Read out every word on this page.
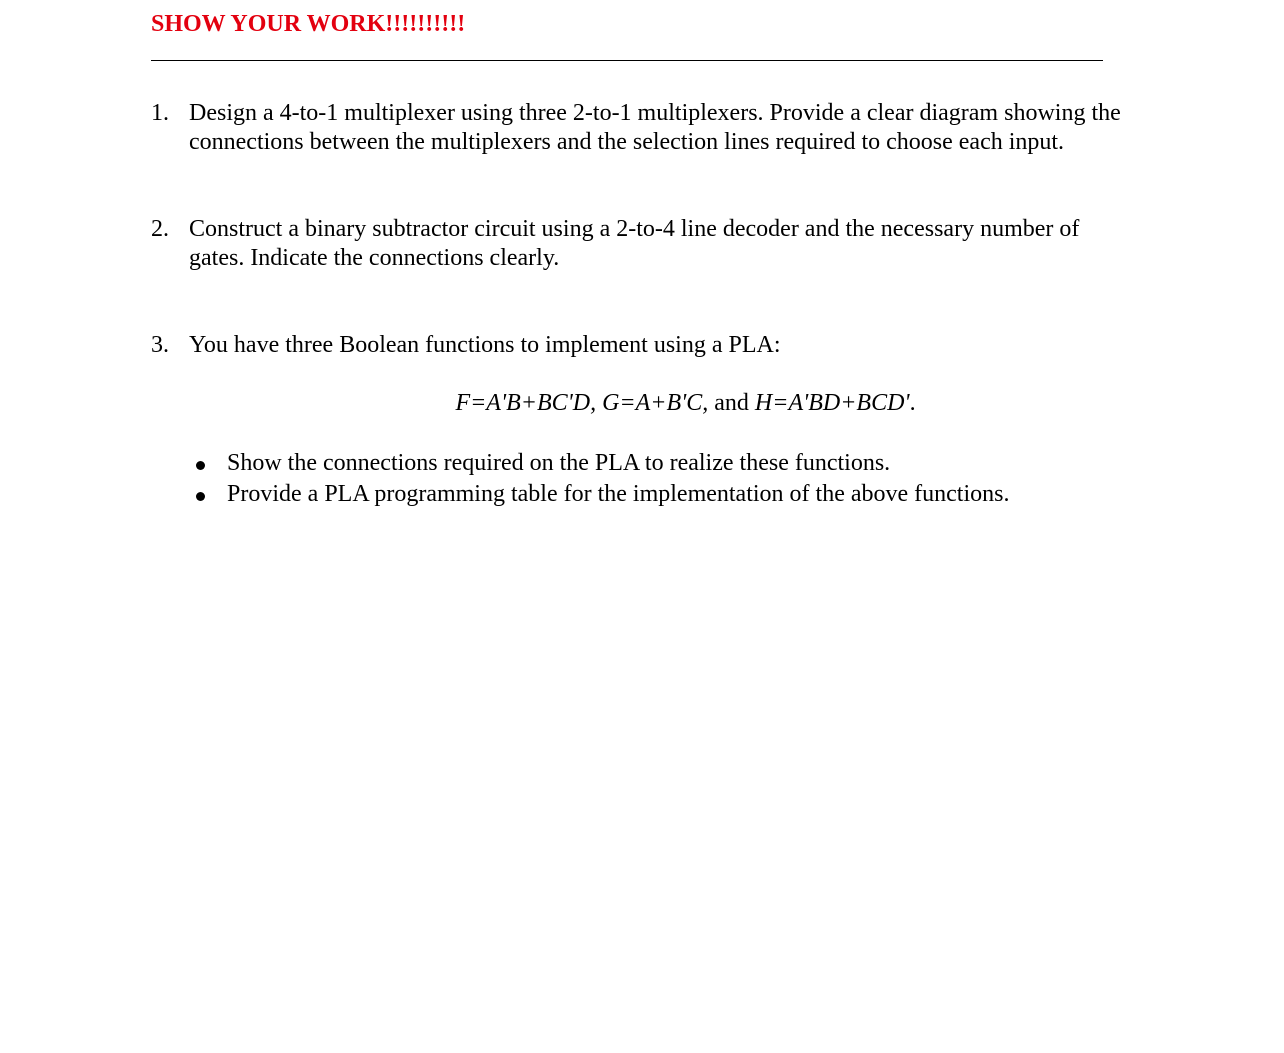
SHOW YOUR WORK!!!!!!!!!!
1. Design a 4-to-1 multiplexer using three 2-to-1 multiplexers. Provide a clear diagram showing the connections between the multiplexers and the selection lines required to choose each input.
2. Construct a binary subtractor circuit using a 2-to-4 line decoder and the necessary number of gates. Indicate the connections clearly.
3. You have three Boolean functions to implement using a PLA:
F=A'B+BC'D, G=A+B'C, and H=A'BD+BCD'.
Show the connections required on the PLA to realize these functions.
Provide a PLA programming table for the implementation of the above functions.
